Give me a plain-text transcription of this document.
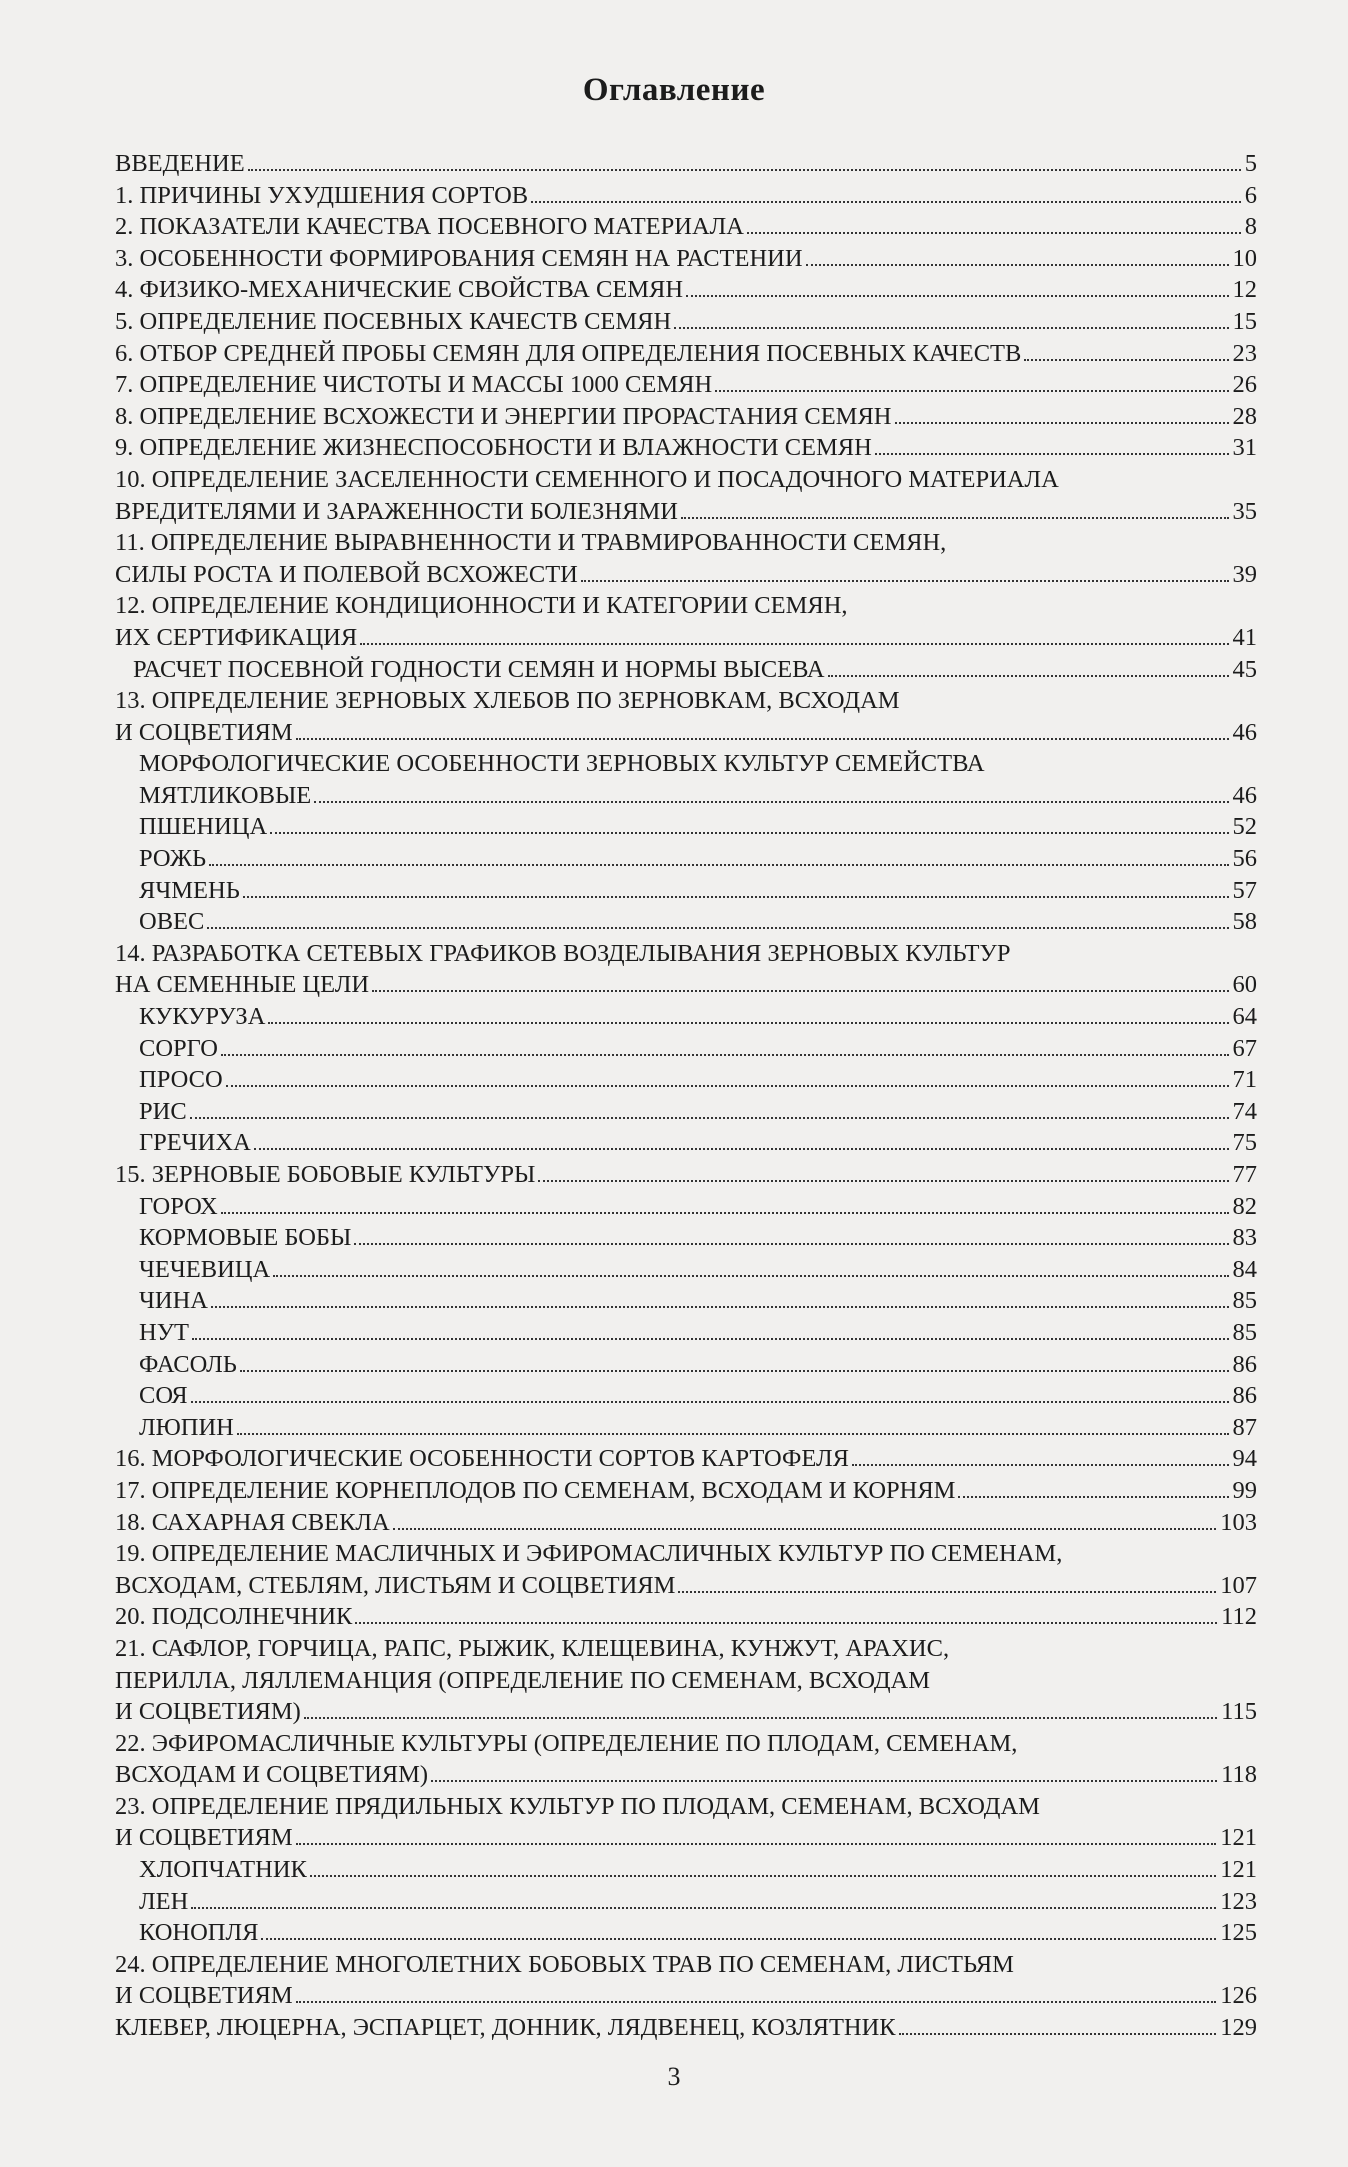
Оглавление
ВВЕДЕНИЕ	5
1. ПРИЧИНЫ УХУДШЕНИЯ СОРТОВ	6
2. ПОКАЗАТЕЛИ КАЧЕСТВА ПОСЕВНОГО МАТЕРИАЛА	8
3. ОСОБЕННОСТИ ФОРМИРОВАНИЯ СЕМЯН НА РАСТЕНИИ	10
4. ФИЗИКО-МЕХАНИЧЕСКИЕ СВОЙСТВА СЕМЯН	12
5. ОПРЕДЕЛЕНИЕ ПОСЕВНЫХ КАЧЕСТВ СЕМЯН	15
6. ОТБОР СРЕДНЕЙ ПРОБЫ СЕМЯН ДЛЯ ОПРЕДЕЛЕНИЯ ПОСЕВНЫХ КАЧЕСТВ	23
7. ОПРЕДЕЛЕНИЕ ЧИСТОТЫ И МАССЫ 1000 СЕМЯН	26
8. ОПРЕДЕЛЕНИЕ ВСХОЖЕСТИ И ЭНЕРГИИ ПРОРАСТАНИЯ СЕМЯН	28
9. ОПРЕДЕЛЕНИЕ ЖИЗНЕСПОСОБНОСТИ И ВЛАЖНОСТИ СЕМЯН	31
10. ОПРЕДЕЛЕНИЕ ЗАСЕЛЕННОСТИ СЕМЕННОГО И ПОСАДОЧНОГО МАТЕРИАЛА
ВРЕДИТЕЛЯМИ И ЗАРАЖЕННОСТИ БОЛЕЗНЯМИ	35
11. ОПРЕДЕЛЕНИЕ ВЫРАВНЕННОСТИ И ТРАВМИРОВАННОСТИ СЕМЯН,
СИЛЫ РОСТА И ПОЛЕВОЙ ВСХОЖЕСТИ	39
12. ОПРЕДЕЛЕНИЕ КОНДИЦИОННОСТИ И КАТЕГОРИИ СЕМЯН,
ИХ СЕРТИФИКАЦИЯ	41
РАСЧЕТ ПОСЕВНОЙ ГОДНОСТИ СЕМЯН И НОРМЫ ВЫСЕВА	45
13. ОПРЕДЕЛЕНИЕ ЗЕРНОВЫХ ХЛЕБОВ ПО ЗЕРНОВКАМ, ВСХОДАМ
И СОЦВЕТИЯМ	46
МОРФОЛОГИЧЕСКИЕ ОСОБЕННОСТИ ЗЕРНОВЫХ КУЛЬТУР СЕМЕЙСТВА
МЯТЛИКОВЫЕ	46
ПШЕНИЦА	52
РОЖЬ	56
ЯЧМЕНЬ	57
ОВЕС	58
14. РАЗРАБОТКА СЕТЕВЫХ ГРАФИКОВ ВОЗДЕЛЫВАНИЯ ЗЕРНОВЫХ КУЛЬТУР
НА СЕМЕННЫЕ ЦЕЛИ	60
КУКУРУЗА	64
СОРГО	67
ПРОСО	71
РИС	74
ГРЕЧИХА	75
15. ЗЕРНОВЫЕ БОБОВЫЕ КУЛЬТУРЫ	77
ГОРОХ	82
КОРМОВЫЕ БОБЫ	83
ЧЕЧЕВИЦА	84
ЧИНА	85
НУТ	85
ФАСОЛЬ	86
СОЯ	86
ЛЮПИН	87
16. МОРФОЛОГИЧЕСКИЕ ОСОБЕННОСТИ СОРТОВ КАРТОФЕЛЯ	94
17. ОПРЕДЕЛЕНИЕ КОРНЕПЛОДОВ ПО СЕМЕНАМ, ВСХОДАМ И КОРНЯМ	99
18. САХАРНАЯ СВЕКЛА	103
19. ОПРЕДЕЛЕНИЕ МАСЛИЧНЫХ И ЭФИРОМАСЛИЧНЫХ КУЛЬТУР ПО СЕМЕНАМ,
ВСХОДАМ, СТЕБЛЯМ, ЛИСТЬЯМ И СОЦВЕТИЯМ	107
20. ПОДСОЛНЕЧНИК	112
21. САФЛОР, ГОРЧИЦА, РАПС, РЫЖИК, КЛЕЩЕВИНА, КУНЖУТ, АРАХИС,
ПЕРИЛЛА, ЛЯЛЛЕМАНЦИЯ (ОПРЕДЕЛЕНИЕ ПО СЕМЕНАМ, ВСХОДАМ
И СОЦВЕТИЯМ)	115
22. ЭФИРОМАСЛИЧНЫЕ КУЛЬТУРЫ (ОПРЕДЕЛЕНИЕ ПО ПЛОДАМ, СЕМЕНАМ,
ВСХОДАМ И СОЦВЕТИЯМ)	118
23. ОПРЕДЕЛЕНИЕ ПРЯДИЛЬНЫХ КУЛЬТУР ПО ПЛОДАМ, СЕМЕНАМ, ВСХОДАМ
И СОЦВЕТИЯМ	121
ХЛОПЧАТНИК	121
ЛЕН	123
КОНОПЛЯ	125
24. ОПРЕДЕЛЕНИЕ МНОГОЛЕТНИХ БОБОВЫХ ТРАВ ПО СЕМЕНАМ, ЛИСТЬЯМ
И СОЦВЕТИЯМ	126
КЛЕВЕР, ЛЮЦЕРНА, ЭСПАРЦЕТ, ДОННИК, ЛЯДВЕНЕЦ, КОЗЛЯТНИК	129
3
